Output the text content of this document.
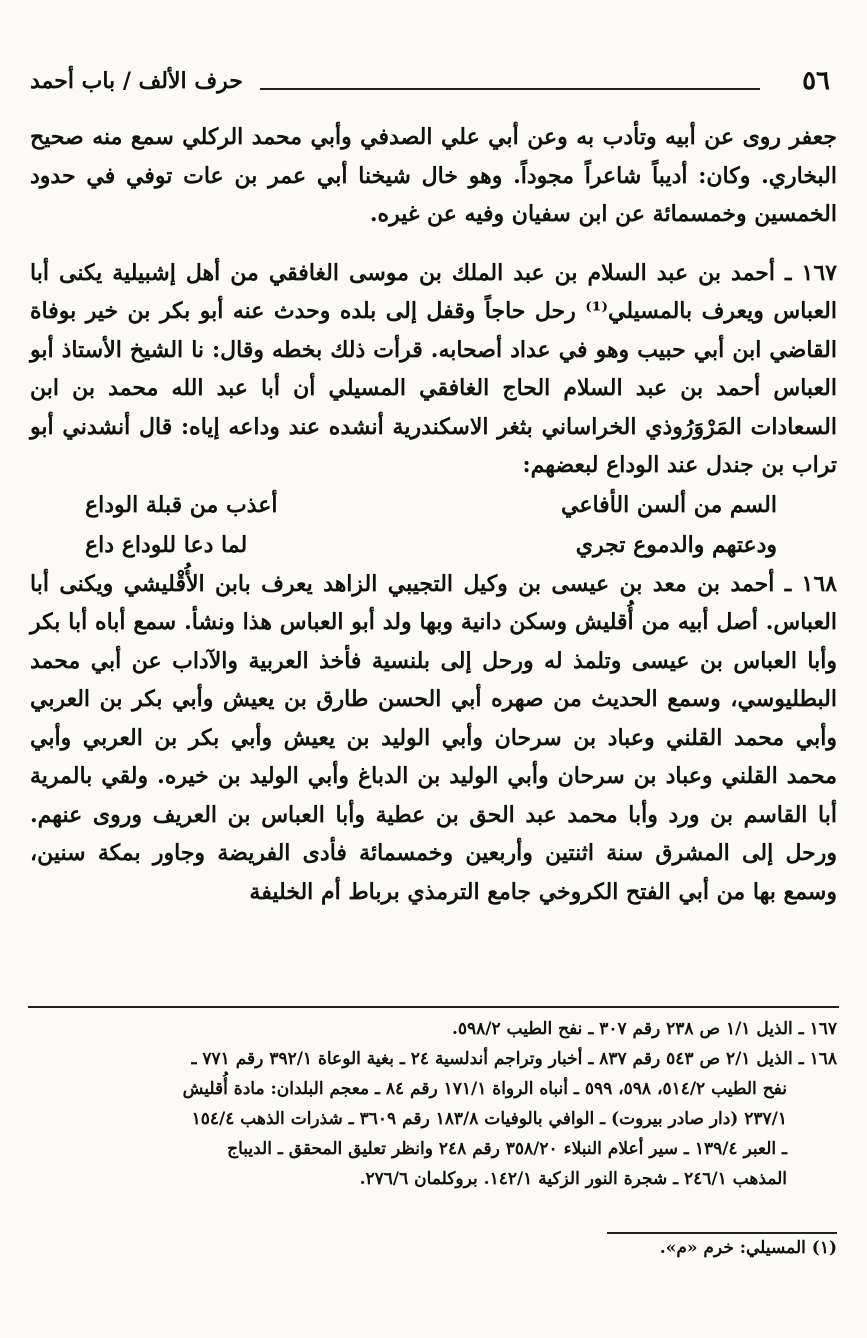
٥٦
حرف الألف / باب أحمد

جعفر روى عن أبيه وتأدب به وعن أبي علي الصدفي وأبي محمد الركلي سمع منه صحيح البخاري. وكان: أديباً شاعراً مجوداً. وهو خال شيخنا أبي عمر بن عات توفي في حدود الخمسين وخمسمائة عن ابن سفيان وفيه عن غيره.

١٦٧ ـ أحمد بن عبد السلام بن عبد الملك بن موسى الغافقي من أهل إشبيلية يكنى أبا العباس ويعرف بالمسيلي⁽¹⁾ رحل حاجاً وقفل إلى بلده وحدث عنه أبو بكر بن خير بوفاة القاضي ابن أبي حبيب وهو في عداد أصحابه. قرأت ذلك بخطه وقال: نا الشيخ الأستاذ أبو العباس أحمد بن عبد السلام الحاج الغافقي المسيلي أن أبا عبد الله محمد بن ابن السعادات المَرْوَرُوذي الخراساني بثغر الاسكندرية أنشده عند وداعه إياه: قال أنشدني أبو تراب بن جندل عند الوداع لبعضهم:

السم من ألسن الأفاعي
أعذب من قبلة الوداع
ودعتهم والدموع تجري
لما دعا للوداع داع

١٦٨ ـ أحمد بن معد بن عيسى بن وكيل التجيبي الزاهد يعرف بابن الأُقْليشي ويكنى أبا العباس. أصل أبيه من أُقليش وسكن دانية وبها ولد أبو العباس هذا ونشأ. سمع أباه أبا بكر وأبا العباس بن عيسى وتلمذ له ورحل إلى بلنسية فأخذ العربية والآداب عن أبي محمد البطليوسي، وسمع الحديث من صهره أبي الحسن طارق بن يعيش وأبي بكر بن العربي وأبي محمد القلني وعباد بن سرحان وأبي الوليد بن يعيش وأبي بكر بن العربي وأبي محمد القلني وعباد بن سرحان وأبي الوليد بن الدباغ وأبي الوليد بن خيره. ولقي بالمرية أبا القاسم بن ورد وأبا محمد عبد الحق بن عطية وأبا العباس بن العريف وروى عنهم. ورحل إلى المشرق سنة اثنتين وأربعين وخمسمائة فأدى الفريضة وجاور بمكة سنين، وسمع بها من أبي الفتح الكروخي جامع الترمذي برباط أم الخليفة

١٦٧ ـ الذيل ١/١ ص ٢٣٨ رقم ٣٠٧ ـ نفح الطيب ٥٩٨/٢.

١٦٨ ـ الذيل ٢/١ ص ٥٤٣ رقم ٨٣٧ ـ أخبار وتراجم أندلسية ٢٤ ـ بغية الوعاة ٣٩٢/١ رقم ٧٧١ ـ

نفح الطيب ٥١٤/٢، ٥٩٨، ٥٩٩ ـ أنباه الرواة ١٧١/١ رقم ٨٤ ـ معجم البلدان: مادة أُقليش

٢٣٧/١ (دار صادر بيروت) ـ الوافي بالوفيات ١٨٣/٨ رقم ٣٦٠٩ ـ شذرات الذهب ١٥٤/٤

ـ العبر ١٣٩/٤ ـ سير أعلام النبلاء ٣٥٨/٢٠ رقم ٢٤٨ وانظر تعليق المحقق ـ الديباج

المذهب ٢٤٦/١ ـ شجرة النور الزكية ١٤٢/١. بروكلمان ٢٧٦/٦.

(١) المسيلي: خرم «م».
